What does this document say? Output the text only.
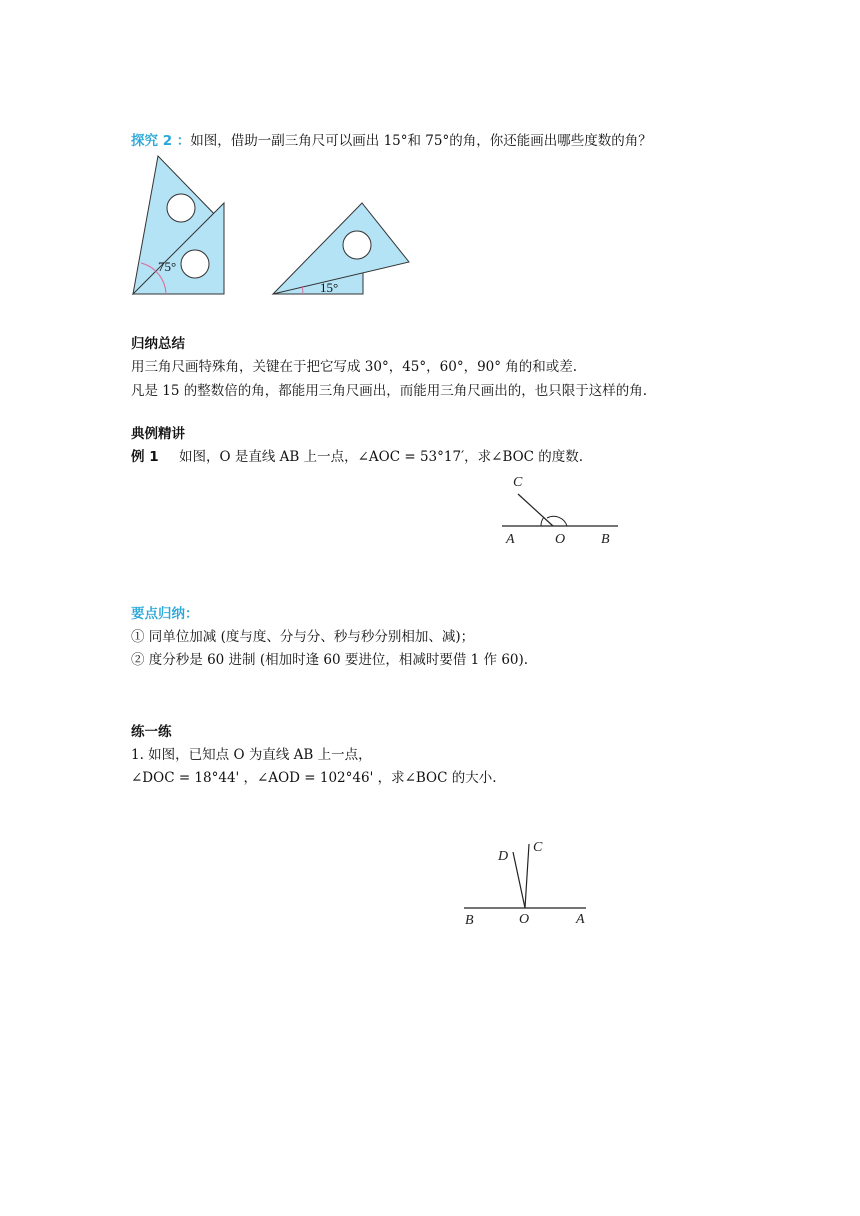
探究 2 ：如图，借助一副三角尺可以画出 15°和 75°的角，你还能画出哪些度数的角？
75°
15°
归纳总结
用三角尺画特殊角，关键在于把它写成 30°，45°，60°，90° 角的和或差.
凡是 15 的整数倍的角，都能用三角尺画出，而能用三角尺画出的，也只限于这样的角.
典例精讲
例 1 如图，O 是直线 AB 上一点，∠AOC = 53°17′，求∠BOC 的度数.
C
A	O	B
要点归纳：
① 同单位加减 (度与度、分与分、秒与秒分别相加、减)；
② 度分秒是 60 进制 (相加时逢 60 要进位，相减时要借 1 作 60).
练一练
1. 如图，已知点 O 为直线 AB 上一点，
∠DOC = 18°44' ，∠AOD = 102°46' ，求∠BOC 的大小.
D
C
B	O	A
